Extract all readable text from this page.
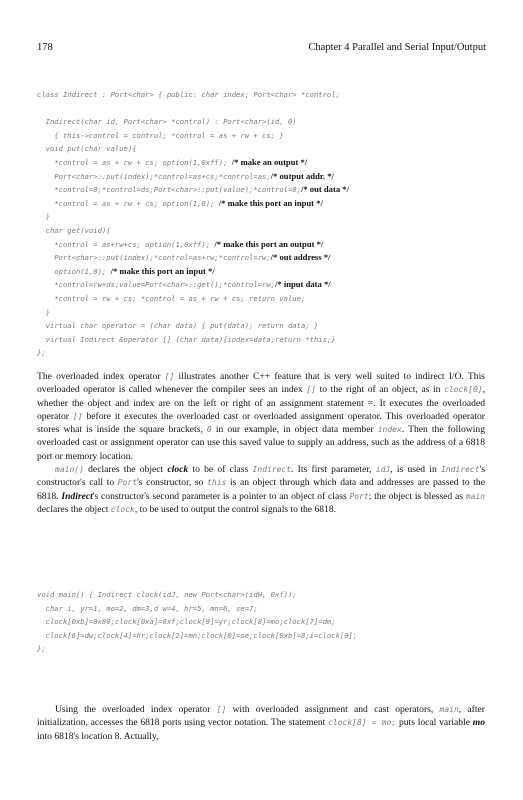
178	Chapter 4 Parallel and Serial Input/Output
class Indirect : Port<char> { public: char index; Port<char> *control;
Indirect(char id, Port<char> *control) : Port<char>(id, 0)
{ this->control = control; *control = as + rw + cs; }
void put(char value){
*control = as + rw + cs; option(1,0xff); /* make an output */
Port<char>::put(index);*control=as+cs;*control=as;/* output addr. */
*control=0;*control=ds;Port<char>::put(value);*control=0;/* out data */
*control = as + rw + cs; option(1,0); /* make this port an input */
}
char get(void){
*control = as+rw+cs; option(1,0xff); /* make this port an output */
Port<char>::put(index);*control=as+rw;*control=rw;/* out address */
option(1,0); /* make this port an input */
*control=rw+ds;value=Port<char>::get();*control=rw;/* input data */
*control = rw + cs; *control = as + rw + cs; return value;
}
virtual char operator = (char data) { put(data); return data; }
virtual Indirect &operator [] (char data){index=data;return *this;}
};

The overloaded index operator [] illustrates another C++ feature that is very well suited to indirect I/O. This overloaded operator is called whenever the compiler sees an index [] to the right of an object, as in clock[0], whether the object and index are on the left or right of an assignment statement =. It executes the overloaded operator [] before it executes the overloaded cast or overloaded assignment operator. This overloaded operator stores what is inside the square brackets, 0 in our example, in object data member index. Then the following overloaded cast or assignment operator can use this saved value to supply an address, such as the address of a 6818 port or memory location.

main() declares the object clock to be of class Indirect. Its first parameter, idJ, is used in Indirect's constructor's call to Port's constructor, so this is an object through which data and addresses are passed to the 6818. Indirect's constructor's second parameter is a pointer to an object of class Port; the object is blessed as main declares the object clock, to be used to output the control signals to the 6818.

void main() { Indirect clock(idJ, new Port<char>(idH, 0xf));
char i, yr=1, mo=2, dm=3,d w=4, hr=5, mn=6, se=7;
clock[0xb]=0x80;clock[0xa]=0xf;clock[9]=yr;clock[8]=mo;clock[7]=dm;
clock[6]=dw;clock[4]=hr;clock[2]=mn;clock[0]=se;clock[0xb]=8;i=clock[0];
};

Using the overloaded index operator [] with overloaded assignment and cast operators, main, after initialization, accesses the 6818 ports using vector notation. The statement clock[8] = mo; puts local variable mo into 6818's location 8. Actually,
